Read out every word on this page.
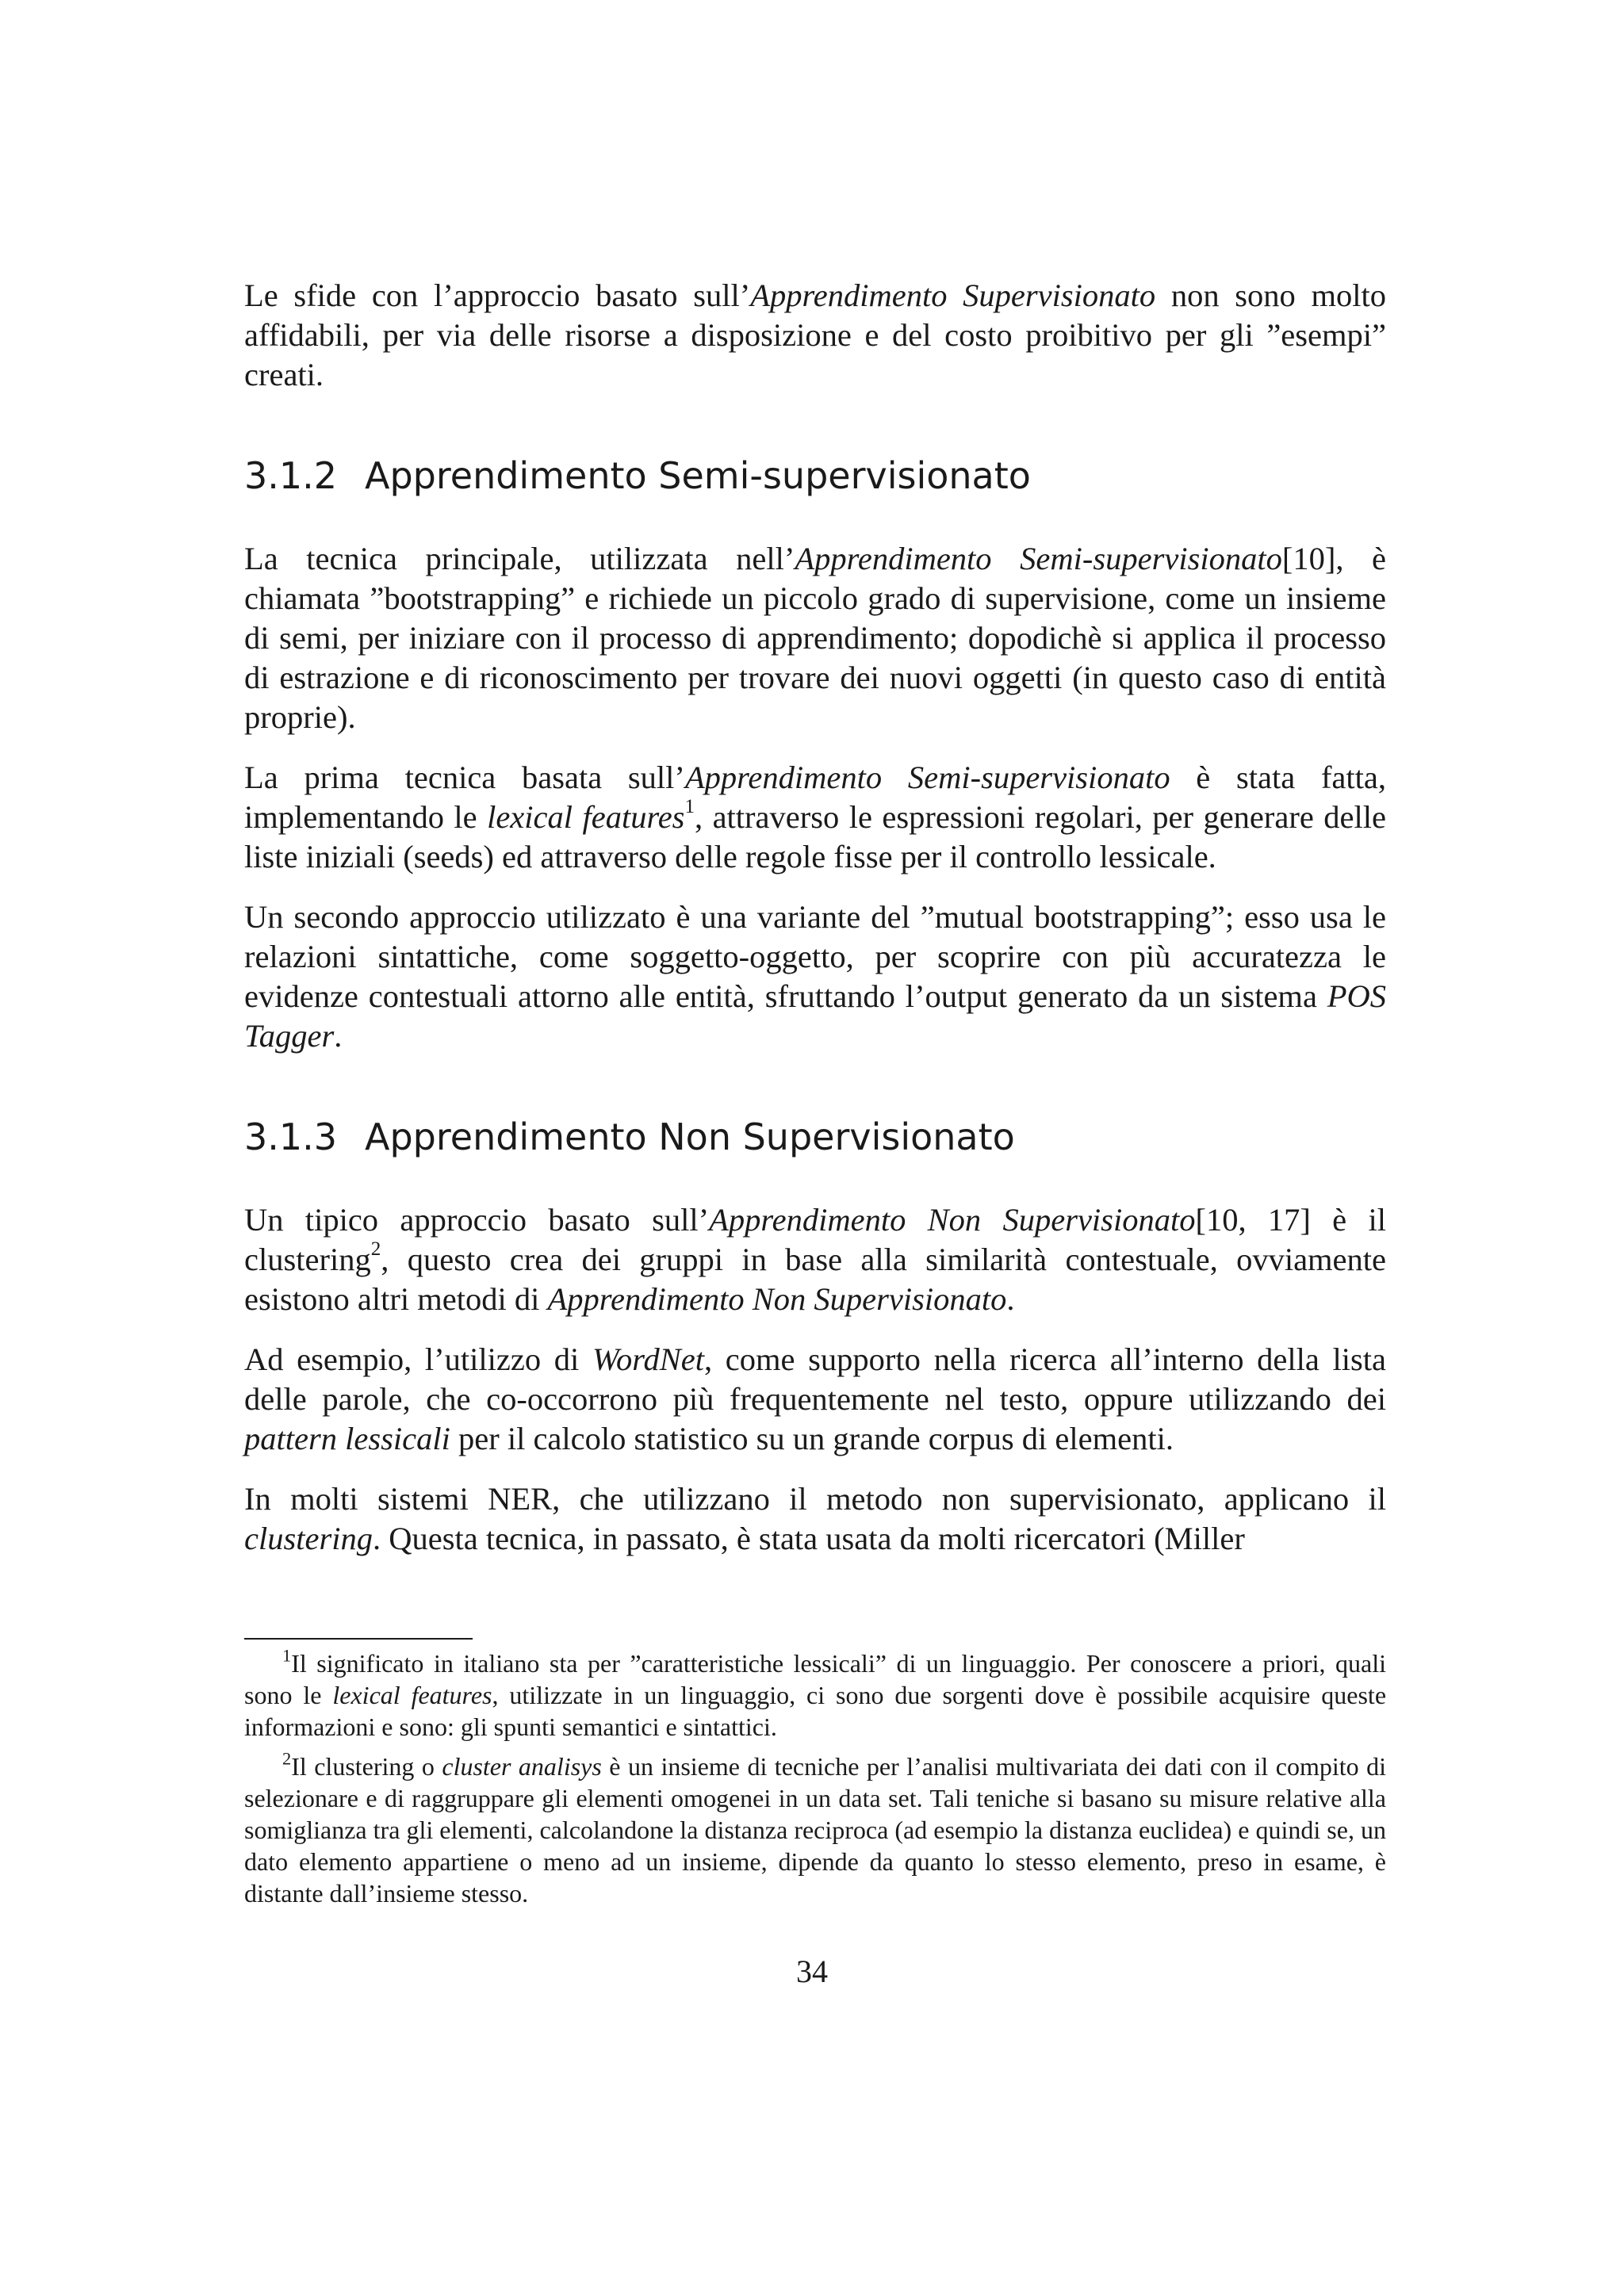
Le sfide con l’approccio basato sull’Apprendimento Supervisionato non sono molto affidabili, per via delle risorse a disposizione e del costo proibitivo per gli ”esempi” creati.

3.1.2 Apprendimento Semi-supervisionato

La tecnica principale, utilizzata nell’Apprendimento Semi-supervisionato[10], è chiamata ”bootstrapping” e richiede un piccolo grado di supervisione, come un insieme di semi, per iniziare con il processo di apprendimento; dopodichè si applica il processo di estrazione e di riconoscimento per trovare dei nuovi oggetti (in questo caso di entità proprie).

La prima tecnica basata sull’Apprendimento Semi-supervisionato è stata fatta, implementando le lexical features$^1$, attraverso le espressioni regolari, per generare delle liste iniziali (seeds) ed attraverso delle regole fisse per il controllo lessicale.

Un secondo approccio utilizzato è una variante del ”mutual bootstrapping”; esso usa le relazioni sintattiche, come soggetto-oggetto, per scoprire con più accuratezza le evidenze contestuali attorno alle entità, sfruttando l’output generato da un sistema POS Tagger.

3.1.3 Apprendimento Non Supervisionato

Un tipico approccio basato sull’Apprendimento Non Supervisionato[10, 17] è il clustering$^2$, questo crea dei gruppi in base alla similarità contestuale, ovviamente esistono altri metodi di Apprendimento Non Supervisionato.

Ad esempio, l’utilizzo di WordNet, come supporto nella ricerca all’interno della lista delle parole, che co-occorrono più frequentemente nel testo, oppure utilizzando dei pattern lessicali per il calcolo statistico su un grande corpus di elementi.

In molti sistemi NER, che utilizzano il metodo non supervisionato, applicano il clustering. Questa tecnica, in passato, è stata usata da molti ricercatori (Miller

$^1$Il significato in italiano sta per ”caratteristiche lessicali” di un linguaggio. Per conoscere a priori, quali sono le lexical features, utilizzate in un linguaggio, ci sono due sorgenti dove è possibile acquisire queste informazioni e sono: gli spunti semantici e sintattici.

$^2$Il clustering o cluster analisys è un insieme di tecniche per l’analisi multivariata dei dati con il compito di selezionare e di raggruppare gli elementi omogenei in un data set. Tali teniche si basano su misure relative alla somiglianza tra gli elementi, calcolandone la distanza reciproca (ad esempio la distanza euclidea) e quindi se, un dato elemento appartiene o meno ad un insieme, dipende da quanto lo stesso elemento, preso in esame, è distante dall’insieme stesso.

34
